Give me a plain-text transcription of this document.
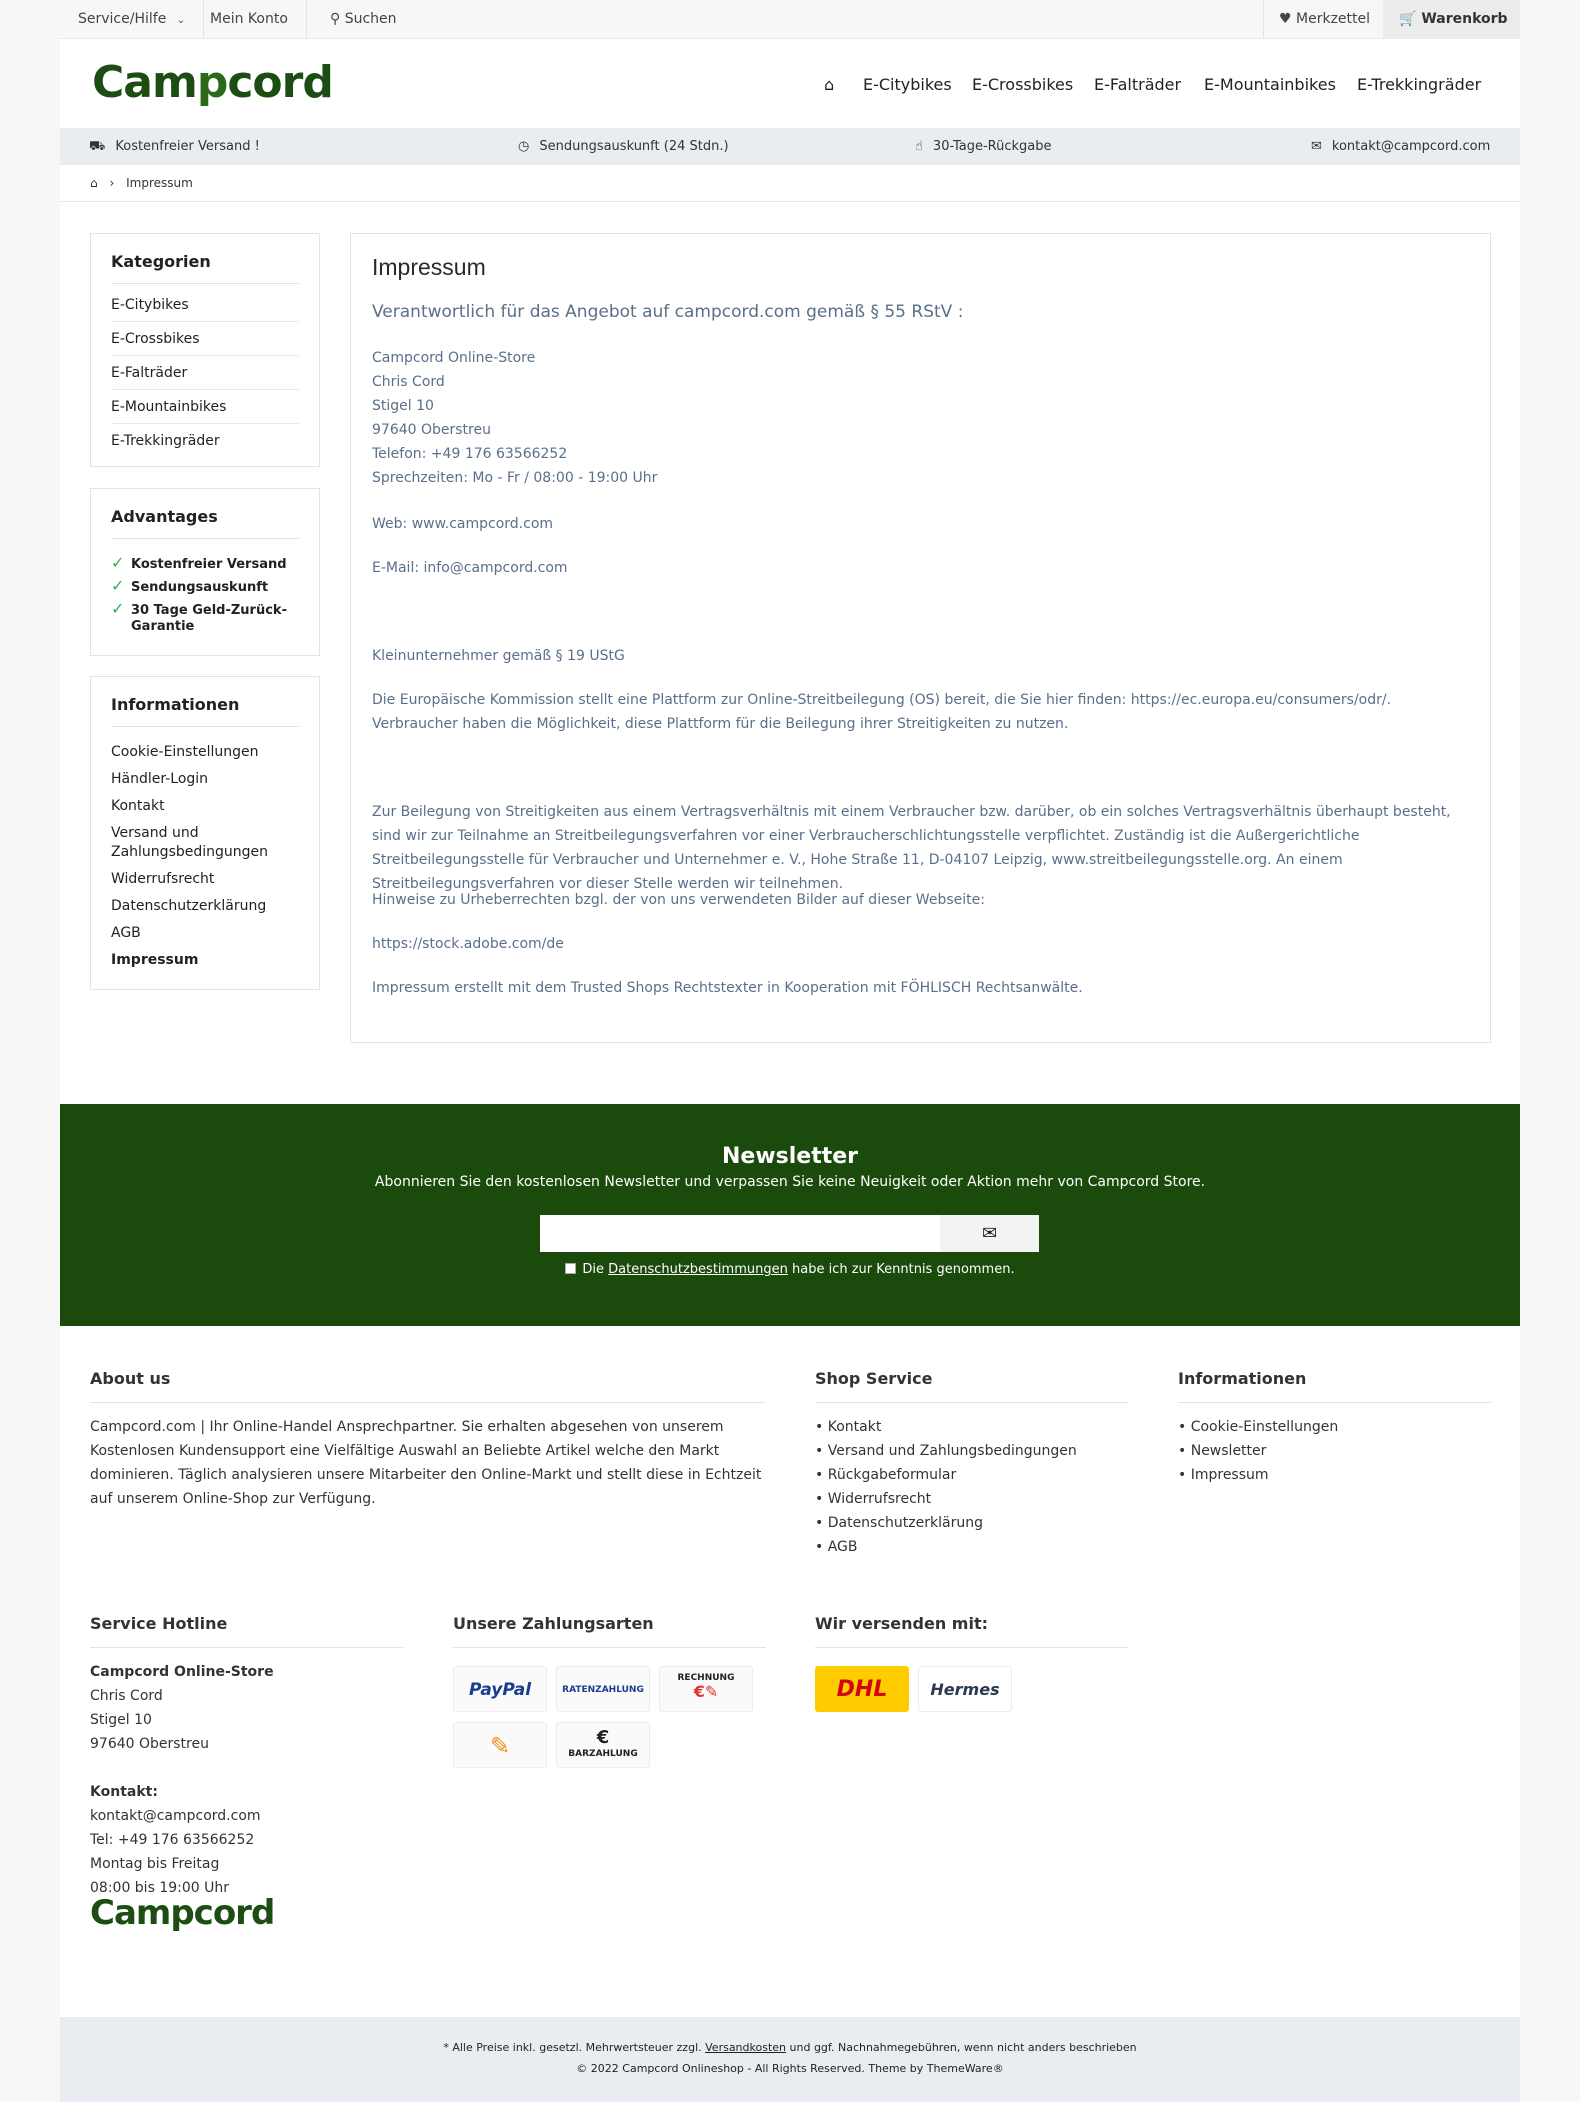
Service/Hilfe ⌄	Mein Konto	⚲ Suchen	♥ Merkzettel	🛒 Warenkorb
Campcord	⌂ E-Citybikes E-Crossbikes E-Falträder E-Mountainbikes E-Trekkingräder
⛟ Kostenfreier Versand !	◷ Sendungsauskunft (24 Stdn.)	☝ 30-Tage-Rückgabe	✉ kontakt@campcord.com
⌂ › Impressum
Kategorien
E-Citybikes
E-Crossbikes
E-Falträder
E-Mountainbikes
E-Trekkingräder
Advantages
✓ Kostenfreier Versand
✓ Sendungsauskunft
✓ 30 Tage Geld-Zurück-Garantie
Informationen
Cookie-Einstellungen
Händler-Login
Kontakt
Versand und Zahlungsbedingungen
Widerrufsrecht
Datenschutzerklärung
AGB
Impressum
Impressum
Verantwortlich für das Angebot auf campcord.com gemäß § 55 RStV :
Campcord Online-Store
Chris Cord
Stigel 10
97640 Oberstreu
Telefon: +49 176 63566252
Sprechzeiten: Mo - Fr / 08:00 - 19:00 Uhr
Web: www.campcord.com
E-Mail: info@campcord.com
Kleinunternehmer gemäß § 19 UStG
Die Europäische Kommission stellt eine Plattform zur Online-Streitbeilegung (OS) bereit, die Sie hier finden: https://ec.europa.eu/consumers/odr/. Verbraucher haben die Möglichkeit, diese Plattform für die Beilegung ihrer Streitigkeiten zu nutzen.
Zur Beilegung von Streitigkeiten aus einem Vertragsverhältnis mit einem Verbraucher bzw. darüber, ob ein solches Vertragsverhältnis überhaupt besteht, sind wir zur Teilnahme an Streitbeilegungsverfahren vor einer Verbraucherschlichtungsstelle verpflichtet. Zuständig ist die Außergerichtliche Streitbeilegungsstelle für Verbraucher und Unternehmer e. V., Hohe Straße 11, D-04107 Leipzig, www.streitbeilegungsstelle.org. An einem Streitbeilegungsverfahren vor dieser Stelle werden wir teilnehmen.
Hinweise zu Urheberrechten bzgl. der von uns verwendeten Bilder auf dieser Webseite:
https://stock.adobe.com/de
Impressum erstellt mit dem Trusted Shops Rechtstexter in Kooperation mit FÖHLISCH Rechtsanwälte.
Newsletter
Abonnieren Sie den kostenlosen Newsletter und verpassen Sie keine Neuigkeit oder Aktion mehr von Campcord Store.
✉
Die Datenschutzbestimmungen habe ich zur Kenntnis genommen.
About us

Campcord.com | Ihr Online-Handel Ansprechpartner. Sie erhalten abgesehen von unserem Kostenlosen Kundensupport eine Vielfältige Auswahl an Beliebte Artikel welche den Markt dominieren. Täglich analysieren unsere Mitarbeiter den Online-Markt und stellt diese in Echtzeit auf unserem Online-Shop zur Verfügung.

Shop Service
• Kontakt
• Versand und Zahlungsbedingungen
• Rückgabeformular
• Widerrufsrecht
• Datenschutzerklärung
• AGB
Informationen
• Cookie-Einstellungen
• Newsletter
• Impressum
Service Hotline

Campcord Online-Store

Chris Cord

Stigel 10

97640 Oberstreu

Kontakt:

kontakt@campcord.com

Tel: +49 176 63566252

Montag bis Freitag

08:00 bis 19:00 Uhr

Campcord
Unsere Zahlungsarten
PayPal	RATENZAHLUNG
RECHNUNG
€✎
✎	€
BARZAHLUNG
Wir versenden mit:
DHL	Hermes
* Alle Preise inkl. gesetzl. Mehrwertsteuer zzgl. Versandkosten und ggf. Nachnahmegebühren, wenn nicht anders beschrieben
© 2022 Campcord Onlineshop - All Rights Reserved. Theme by ThemeWare®
